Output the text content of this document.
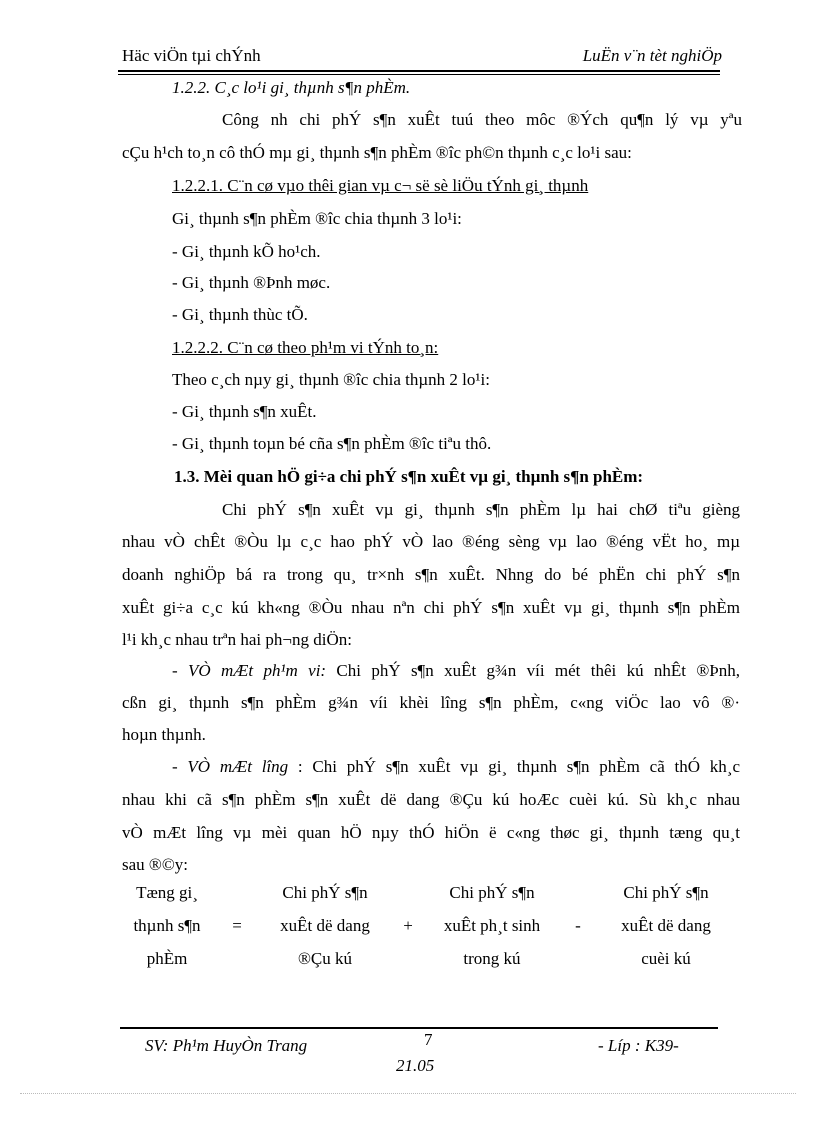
Häc viÖn tµi chÝnh	LuËn v¨n tèt nghiÖp
1.2.2. C¸c lo¹i gi¸ thµnh s¶n phÈm.
Công nh chi phÝ s¶n xuÊt tuú theo môc ®Ých qu¶n lý vµ yªu
cÇu h¹ch to¸n cô thÓ mµ gi¸ thµnh s¶n phÈm ®îc ph©n thµnh c¸c lo¹i sau:
1.2.2.1. C¨n cø vµo thêi gian vµ c¬ së sè liÖu tÝnh gi¸ thµnh
Gi¸ thµnh s¶n phÈm ®îc chia thµnh 3 lo¹i:
- Gi¸ thµnh kÕ ho¹ch.
- Gi¸ thµnh ®Þnh møc.
- Gi¸ thµnh thùc tÕ.
1.2.2.2. C¨n cø theo ph¹m vi tÝnh to¸n:
Theo c¸ch nµy gi¸ thµnh ®îc chia thµnh 2 lo¹i:
- Gi¸ thµnh s¶n xuÊt.
- Gi¸ thµnh toµn bé cña s¶n phÈm ®îc tiªu thô.
1.3. Mèi quan hÖ gi÷a chi phÝ s¶n xuÊt vµ gi¸ thµnh s¶n phÈm:
Chi phÝ s¶n xuÊt vµ gi¸ thµnh s¶n phÈm lµ hai chØ tiªu gièng
nhau vÒ chÊt ®Òu lµ c¸c hao phÝ vÒ lao ®éng sèng vµ lao ®éng vËt ho¸ mµ
doanh nghiÖp bá ra trong qu¸ tr×nh s¶n xuÊt. Nhng do bé phËn chi phÝ s¶n
xuÊt gi÷a c¸c kú kh«ng ®Òu nhau nªn chi phÝ s¶n xuÊt vµ gi¸ thµnh s¶n phÈm
l¹i kh¸c nhau trªn hai ph¬ng diÖn:
- VÒ mÆt ph¹m vi: Chi phÝ s¶n xuÊt g¾n víi mét thêi kú nhÊt ®Þnh,
cßn gi¸ thµnh s¶n phÈm g¾n víi khèi lîng s¶n phÈm, c«ng viÖc lao vô ®·
hoµn thµnh.
- VÒ mÆt lîng : Chi phÝ s¶n xuÊt vµ gi¸ thµnh s¶n phÈm cã thÓ kh¸c
nhau khi cã s¶n phÈm s¶n xuÊt dë dang ®Çu kú hoÆc cuèi kú. Sù kh¸c nhau
vÒ mÆt lîng vµ mèi quan hÖ nµy thÓ hiÖn ë c«ng thøc gi¸ thµnh tæng qu¸t
sau ®©y:
Tæng gi¸
thµnh s¶n
phÈm
=
Chi phÝ s¶n
xuÊt dë dang
®Çu kú
+
Chi phÝ s¶n
xuÊt ph¸t sinh
trong kú
-
Chi phÝ s¶n
xuÊt dë dang
cuèi kú
SV: Ph¹m HuyÒn Trang	7	- Líp : K39-
21.05
